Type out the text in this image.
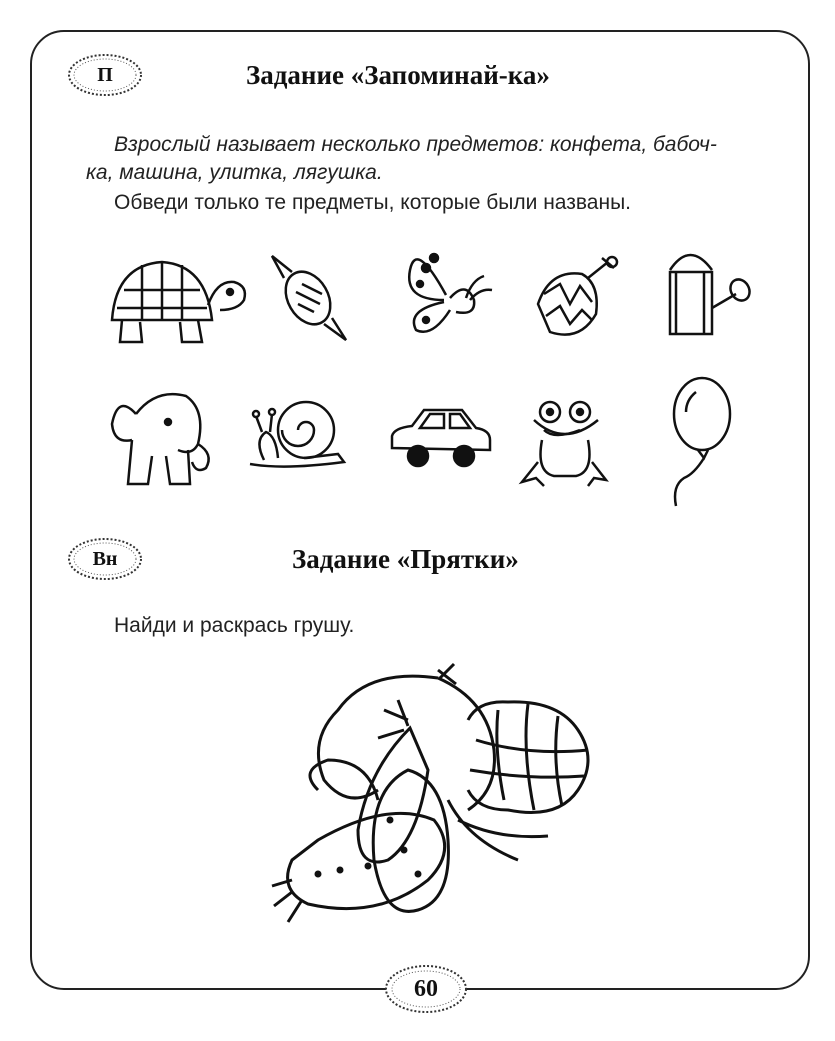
П	Задание «Запоминай-ка»
Взрослый называет несколько предметов: конфета, бабоч-
ка, машина, улитка, лягушка.
Обведи только те предметы, которые были названы.
Вн	Задание «Прятки»
Найди и раскрась грушу.
60
